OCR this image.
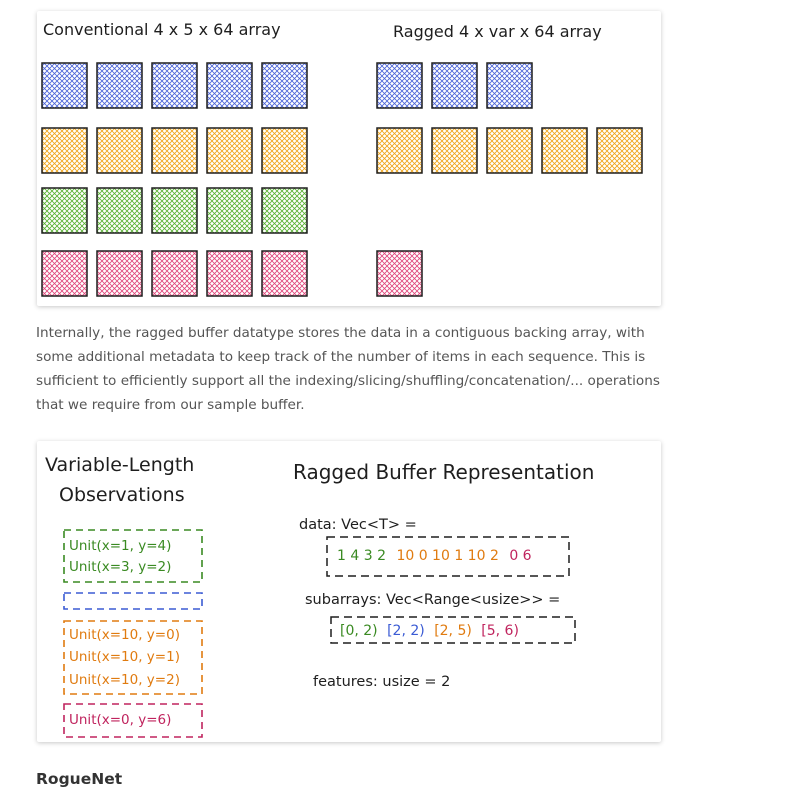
Conventional 4 x 5 x 64 array	Ragged 4 x var x 64 array

Internally, the ragged buffer datatype stores the data in a contiguous backing array, with some additional metadata to keep track of the number of items in each sequence. This is sufficient to efficiently support all the indexing/slicing/shuffling/concatenation/... operations that we require from our sample buffer.

Variable-Length
Observations
Ragged Buffer Representation
Unit(x=1, y=4)
Unit(x=3, y=2)
Unit(x=10, y=0)
Unit(x=10, y=1)
Unit(x=10, y=2)
Unit(x=0, y=6)
data: Vec<T> =
1 4 3 2 10 0 10 1 10 2 0 6
subarrays: Vec<Range<usize>> =
[0, 2) [2, 2) [2, 5) [5, 6)
features: usize = 2
RogueNet
